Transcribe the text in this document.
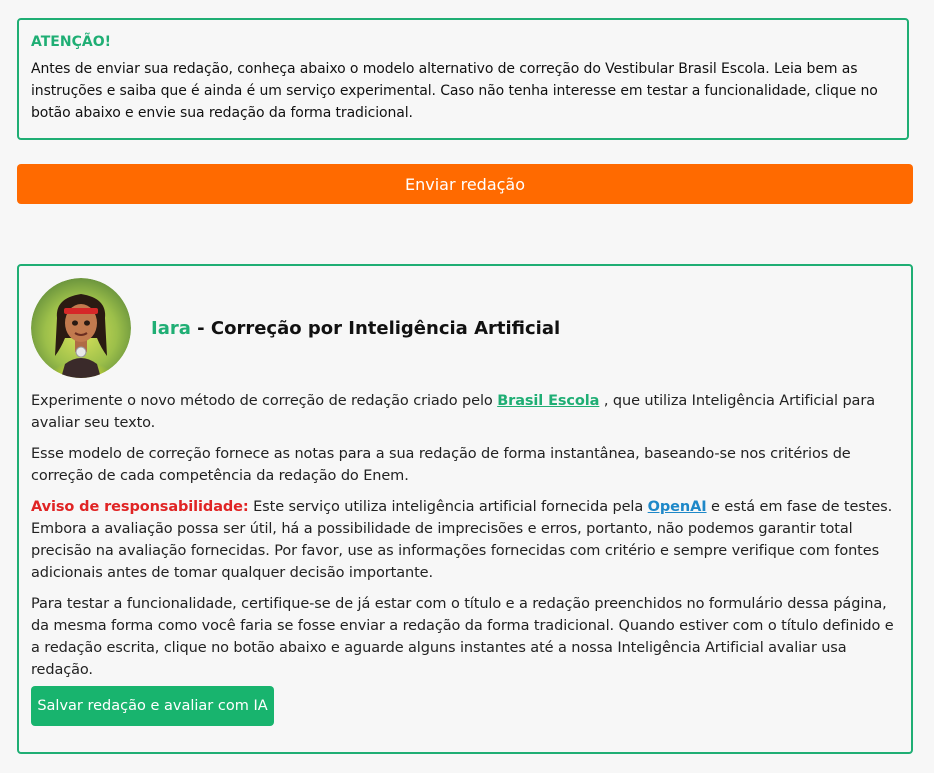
ATENÇÃO!

Antes de enviar sua redação, conheça abaixo o modelo alternativo de correção do Vestibular Brasil Escola. Leia bem as instruções e saiba que é ainda é um serviço experimental. Caso não tenha interesse em testar a funcionalidade, clique no botão abaixo e envie sua redação da forma tradicional.

Enviar redação
Iara - Correção por Inteligência Artificial

Experimente o novo método de correção de redação criado pelo Brasil Escola , que utiliza Inteligência Artificial para avaliar seu texto.

Esse modelo de correção fornece as notas para a sua redação de forma instantânea, baseando-se nos critérios de correção de cada competência da redação do Enem.

Aviso de responsabilidade: Este serviço utiliza inteligência artificial fornecida pela OpenAI e está em fase de testes. Embora a avaliação possa ser útil, há a possibilidade de imprecisões e erros, portanto, não podemos garantir total precisão na avaliação fornecidas. Por favor, use as informações fornecidas com critério e sempre verifique com fontes adicionais antes de tomar qualquer decisão importante.

Para testar a funcionalidade, certifique-se de já estar com o título e a redação preenchidos no formulário dessa página, da mesma forma como você faria se fosse enviar a redação da forma tradicional. Quando estiver com o título definido e a redação escrita, clique no botão abaixo e aguarde alguns instantes até a nossa Inteligência Artificial avaliar usa redação.

Salvar redação e avaliar com IA
